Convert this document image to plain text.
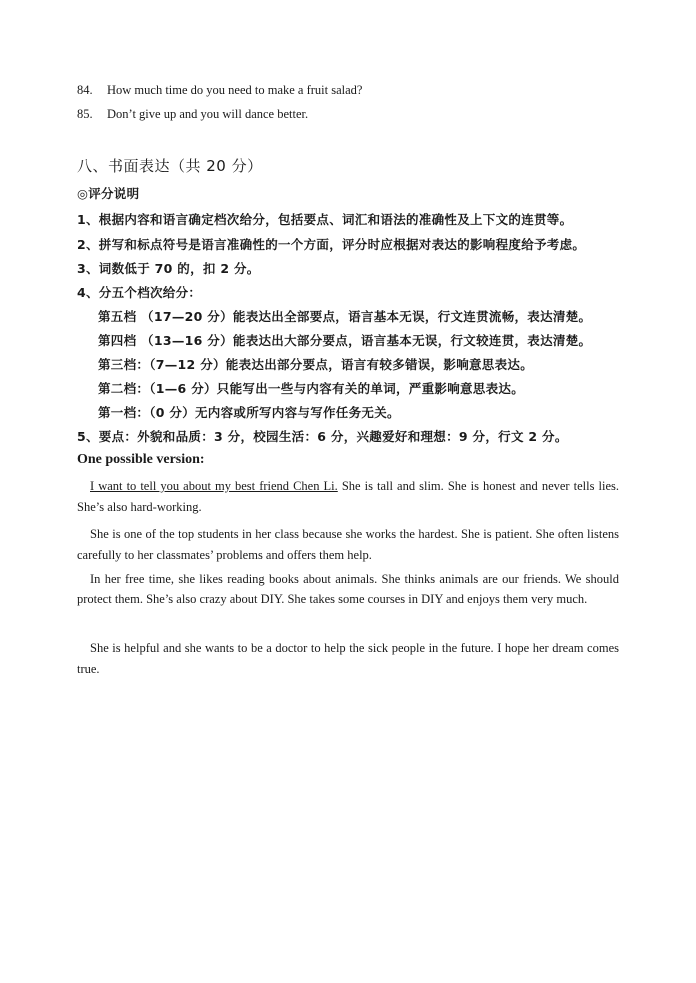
84. How much time do you need to make a fruit salad?
85. Don’t give up and you will dance better.
八、书面表达（共 20 分）
◎评分说明
1、根据内容和语言确定档次给分，包括要点、词汇和语法的准确性及上下文的连贯等。
2、拼写和标点符号是语言准确性的一个方面，评分时应根据对表达的影响程度给予考虑。
3、词数低于 70 的，扣 2 分。
4、分五个档次给分：
第五档 （17—20 分）能表达出全部要点，语言基本无误，行文连贯流畅，表达清楚。
第四档 （13—16 分）能表达出大部分要点，语言基本无误，行文较连贯，表达清楚。
第三档：（7—12 分）能表达出部分要点，语言有较多错误，影响意思表达。
第二档：（1—6 分）只能写出一些与内容有关的单词，严重影响意思表达。
第一档：（0 分）无内容或所写内容与写作任务无关。
5、要点：外貌和品质：3 分，校园生活：6 分，兴趣爱好和理想：9 分，行文 2 分。
One possible version:
I want to tell you about my best friend Chen Li. She is tall and slim. She is honest and never tells lies. She’s also hard-working.
She is one of the top students in her class because she works the hardest. She is patient. She often listens carefully to her classmates’ problems and offers them help.
In her free time, she likes reading books about animals. She thinks animals are our friends. We should protect them. She’s also crazy about DIY. She takes some courses in DIY and enjoys them very much.
She is helpful and she wants to be a doctor to help the sick people in the future. I hope her dream comes true.
